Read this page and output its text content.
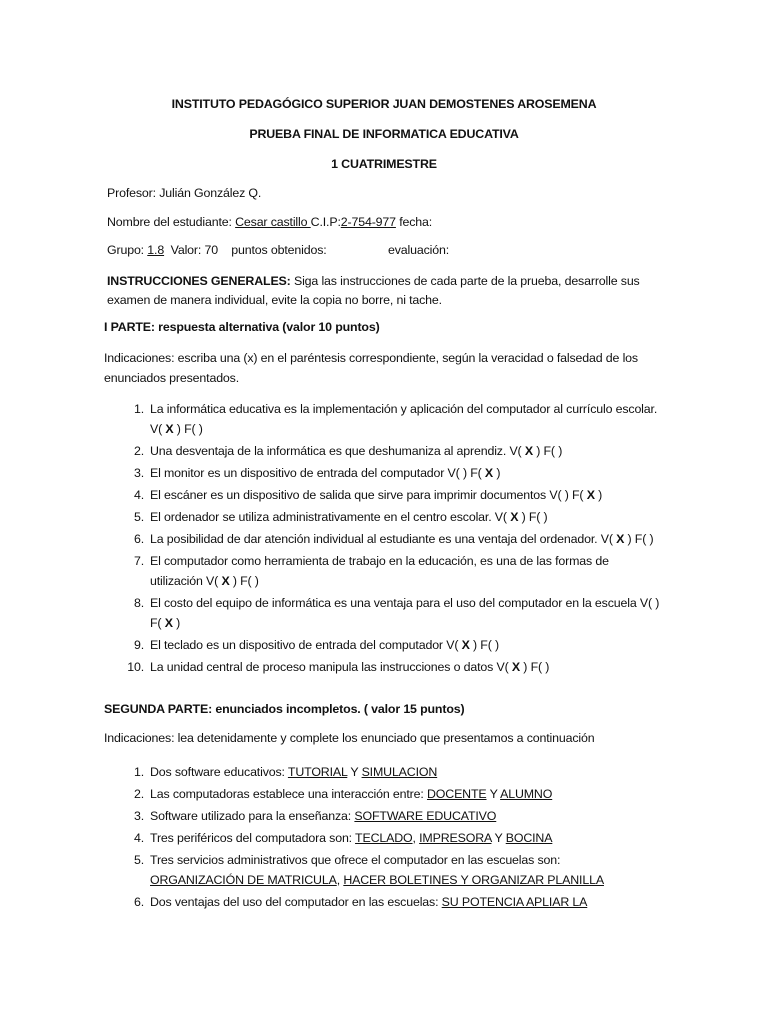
INSTITUTO PEDAGÓGICO SUPERIOR JUAN DEMOSTENES AROSEMENA
PRUEBA FINAL DE INFORMATICA EDUCATIVA
1 CUATRIMESTRE
Profesor: Julián González Q.
Nombre del estudiante: Cesar castillo C.I.P:2-754-977 fecha:
Grupo: 1.8  Valor: 70 puntos obtenidos:	evaluación:
INSTRUCCIONES GENERALES: Siga las instrucciones de cada parte de la prueba, desarrolle sus examen de manera individual, evite la copia no borre, ni tache.
I PARTE: respuesta alternativa (valor 10 puntos)
Indicaciones: escriba una (x) en el paréntesis correspondiente, según la veracidad o falsedad de los enunciados presentados.
1. La informática educativa es la implementación y aplicación del computador al currículo escolar. V( X ) F( )
2. Una desventaja de la informática es que deshumaniza al aprendiz. V( X ) F( )
3. El monitor es un dispositivo de entrada del computador V( ) F( X )
4. El escáner es un dispositivo de salida que sirve para imprimir documentos V( ) F( X )
5. El ordenador se utiliza administrativamente en el centro escolar. V( X ) F( )
6. La posibilidad de dar atención individual al estudiante es una ventaja del ordenador. V( X ) F( )
7. El computador como herramienta de trabajo en la educación, es una de las formas de utilización V( X ) F( )
8. El costo del equipo de informática es una ventaja para el uso del computador en la escuela V( ) F( X )
9. El teclado es un dispositivo de entrada del computador V( X ) F( )
10. La unidad central de proceso manipula las instrucciones o datos V( X ) F( )
SEGUNDA PARTE: enunciados incompletos. ( valor 15 puntos)
Indicaciones: lea detenidamente y complete los enunciado que presentamos a continuación
1. Dos software educativos: TUTORIAL Y SIMULACION
2. Las computadoras establece una interacción entre: DOCENTE Y ALUMNO
3. Software utilizado para la enseñanza: SOFTWARE EDUCATIVO
4. Tres periféricos del computadora son: TECLADO, IMPRESORA Y BOCINA
5. Tres servicios administrativos que ofrece el computador en las escuelas son:
ORGANIZACIÓN DE MATRICULA, HACER BOLETINES Y ORGANIZAR PLANILLA
6. Dos ventajas del uso del computador en las escuelas: SU POTENCIA APLIAR LA
